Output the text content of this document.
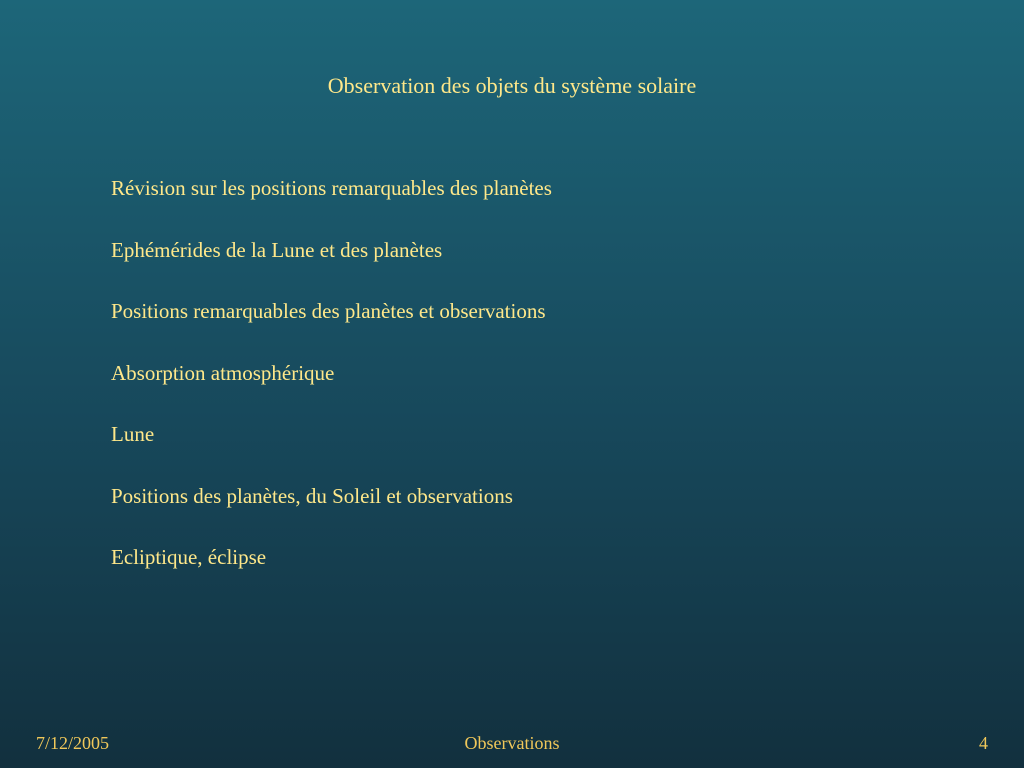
Observation des objets du système solaire
Révision sur les positions remarquables des planètes
Ephémérides de la Lune et des planètes
Positions remarquables des planètes et observations
Absorption atmosphérique
Lune
Positions des planètes, du Soleil et observations
Ecliptique, éclipse
7/12/2005	Observations	4
